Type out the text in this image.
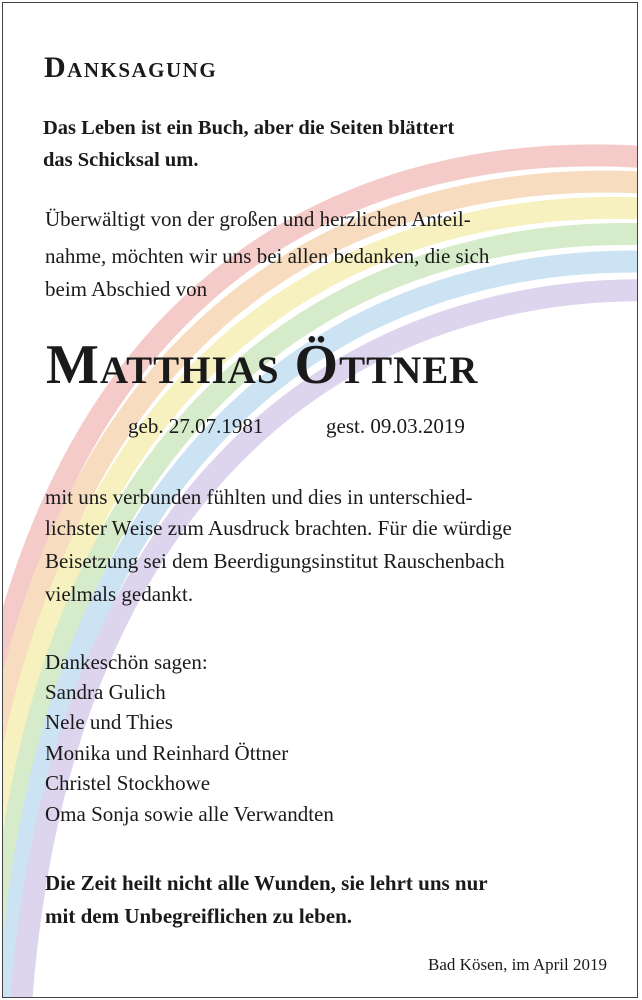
Danksagung
Das Leben ist ein Buch, aber die Seiten blättert
das Schicksal um.
Überwältigt von der großen und herzlichen Anteil-
nahme, möchten wir uns bei allen bedanken, die sich
beim Abschied von
Matthias Öttner
geb. 27.07.1981	gest. 09.03.2019
mit uns verbunden fühlten und dies in unterschied-
lichster Weise zum Ausdruck brachten. Für die würdige
Beisetzung sei dem Beerdigungsinstitut Rauschenbach
vielmals gedankt.
Dankeschön sagen:
Sandra Gulich
Nele und Thies
Monika und Reinhard Öttner
Christel Stockhowe
Oma Sonja sowie alle Verwandten
Die Zeit heilt nicht alle Wunden, sie lehrt uns nur
mit dem Unbegreiflichen zu leben.
Bad Kösen, im April 2019
